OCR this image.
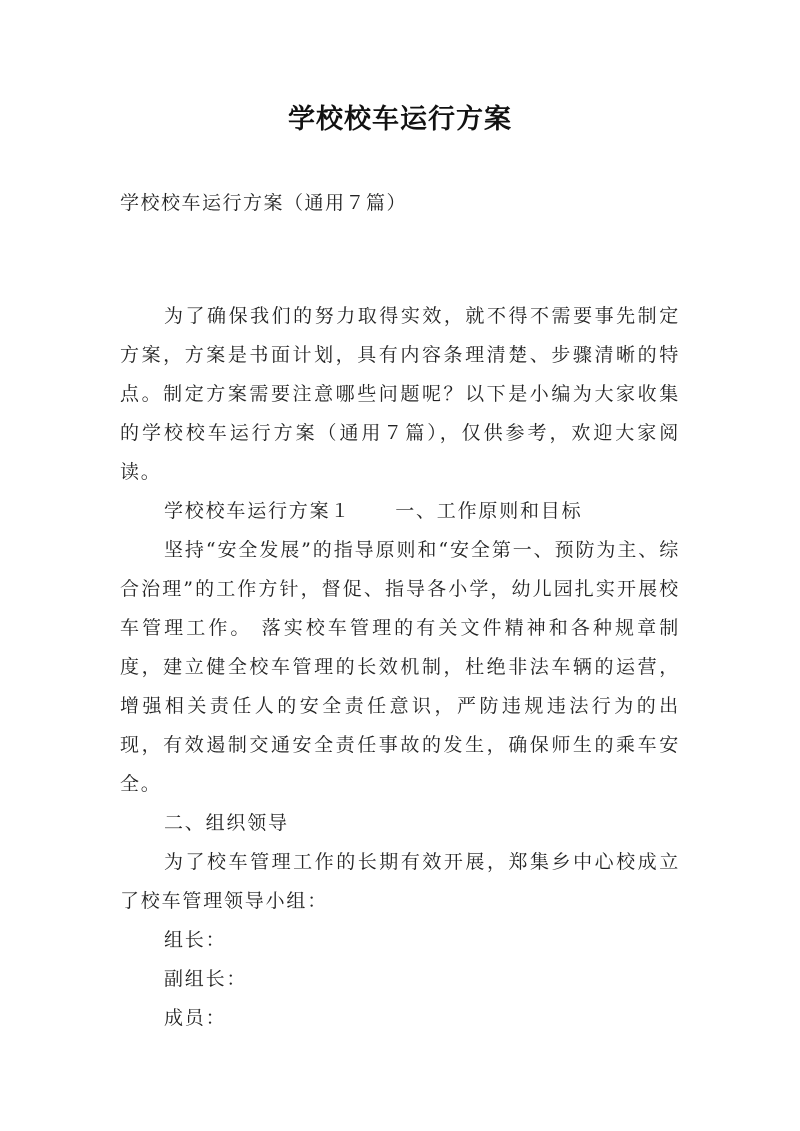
学校校车运行方案
学校校车运行方案（通用７篇）

为了确保我们的努力取得实效，就不得不需要事先制定方案，方案是书面计划，具有内容条理清楚、步骤清晰的特点。制定方案需要注意哪些问题呢？以下是小编为大家收集的学校校车运行方案（通用７篇），仅供参考，欢迎大家阅读。

学校校车运行方案１ 一、工作原则和目标

坚持“安全发展”的指导原则和“安全第一、预防为主、综合治理”的工作方针，督促、指导各小学，幼儿园扎实开展校车管理工作。 落实校车管理的有关文件精神和各种规章制度，建立健全校车管理的长效机制，杜绝非法车辆的运营，增强相关责任人的安全责任意识，严防违规违法行为的出现，有效遏制交通安全责任事故的发生，确保师生的乘车安全。

二、组织领导

为了校车管理工作的长期有效开展，郑集乡中心校成立了校车管理领导小组：

组长：

副组长：

成员：
